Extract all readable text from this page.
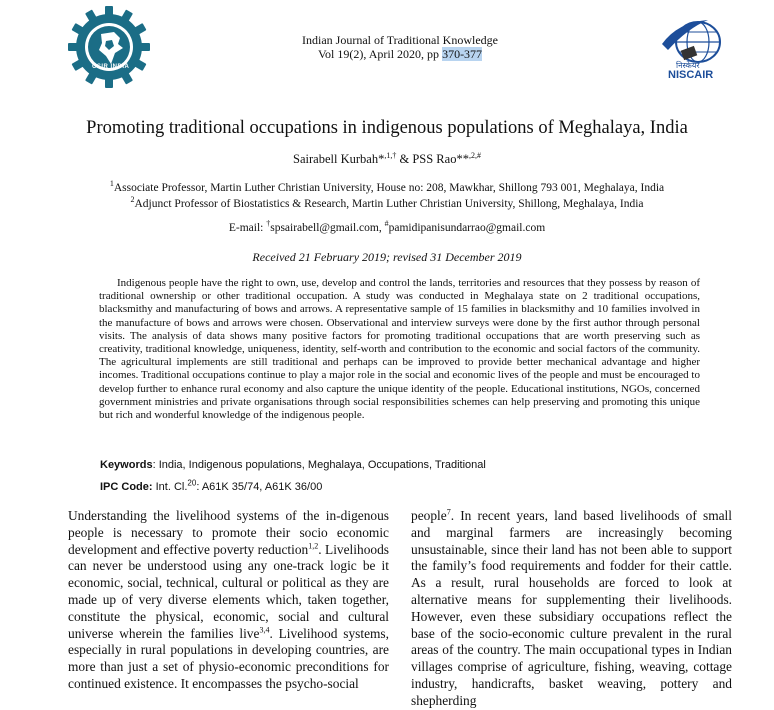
CSIR INDIA
Indian Journal of Traditional Knowledge
Vol 19(2), April 2020, pp 370-377
निस्केयर
NISCAIR
Promoting traditional occupations in indigenous populations of Meghalaya, India
Sairabell Kurbah*$^{,1,\dagger}$ & PSS Rao**$^{,2,\#}$
$^1$Associate Professor, Martin Luther Christian University, House no: 208, Mawkhar, Shillong 793 001, Meghalaya, India
$^2$Adjunct Professor of Biostatistics & Research, Martin Luther Christian University, Shillong, Meghalaya, India
E-mail: †spsairabell@gmail.com, #pamidipanisundarrao@gmail.com
Received 21 February 2019; revised 31 December 2019
Indigenous people have the right to own, use, develop and control the lands, territories and resources that they possess by reason of traditional ownership or other traditional occupation. A study was conducted in Meghalaya state on 2 traditional occupations, blacksmithy and manufacturing of bows and arrows. A representative sample of 15 families in blacksmithy and 10 families involved in the manufacture of bows and arrows were chosen. Observational and interview surveys were done by the first author through personal visits. The analysis of data shows many positive factors for promoting traditional occupations that are worth preserving such as creativity, traditional knowledge, uniqueness, identity, self-worth and contribution to the economic and social factors of the community. The agricultural implements are still traditional and perhaps can be improved to provide better mechanical advantage and higher incomes. Traditional occupations continue to play a major role in the social and economic lives of the people and must be encouraged to develop further to enhance rural economy and also capture the unique identity of the people. Educational institutions, NGOs, concerned government ministries and private organisations through social responsibilities schemes can help preserving and promoting this unique but rich and wonderful knowledge of the indigenous people.
Keywords: India, Indigenous populations, Meghalaya, Occupations, Traditional
IPC Code: Int. Cl.$^{20}$: A61K 35/74, A61K 36/00
Understanding the livelihood systems of the in-digenous people is necessary to promote their socio economic development and effective poverty reduction$^{1,2}$. Livelihoods can never be understood using any one-track logic be it economic, social, technical, cultural or political as they are made up of very diverse elements which, taken together, constitute the physical, economic, social and cultural universe wherein the families live$^{3,4}$. Livelihood systems, especially in rural populations in developing countries, are more than just a set of physio-economic preconditions for continued existence. It encompasses the psycho-social
people$^7$. In recent years, land based livelihoods of small and marginal farmers are increasingly becoming unsustainable, since their land has not been able to support the family’s food requirements and fodder for their cattle. As a result, rural households are forced to look at alternative means for supplementing their livelihoods. However, even these subsidiary occupations reflect the base of the socio-economic culture prevalent in the rural areas of the country. The main occupational types in Indian villages comprise of agriculture, fishing, weaving, cottage industry, handicrafts, basket weaving, pottery and shepherding
